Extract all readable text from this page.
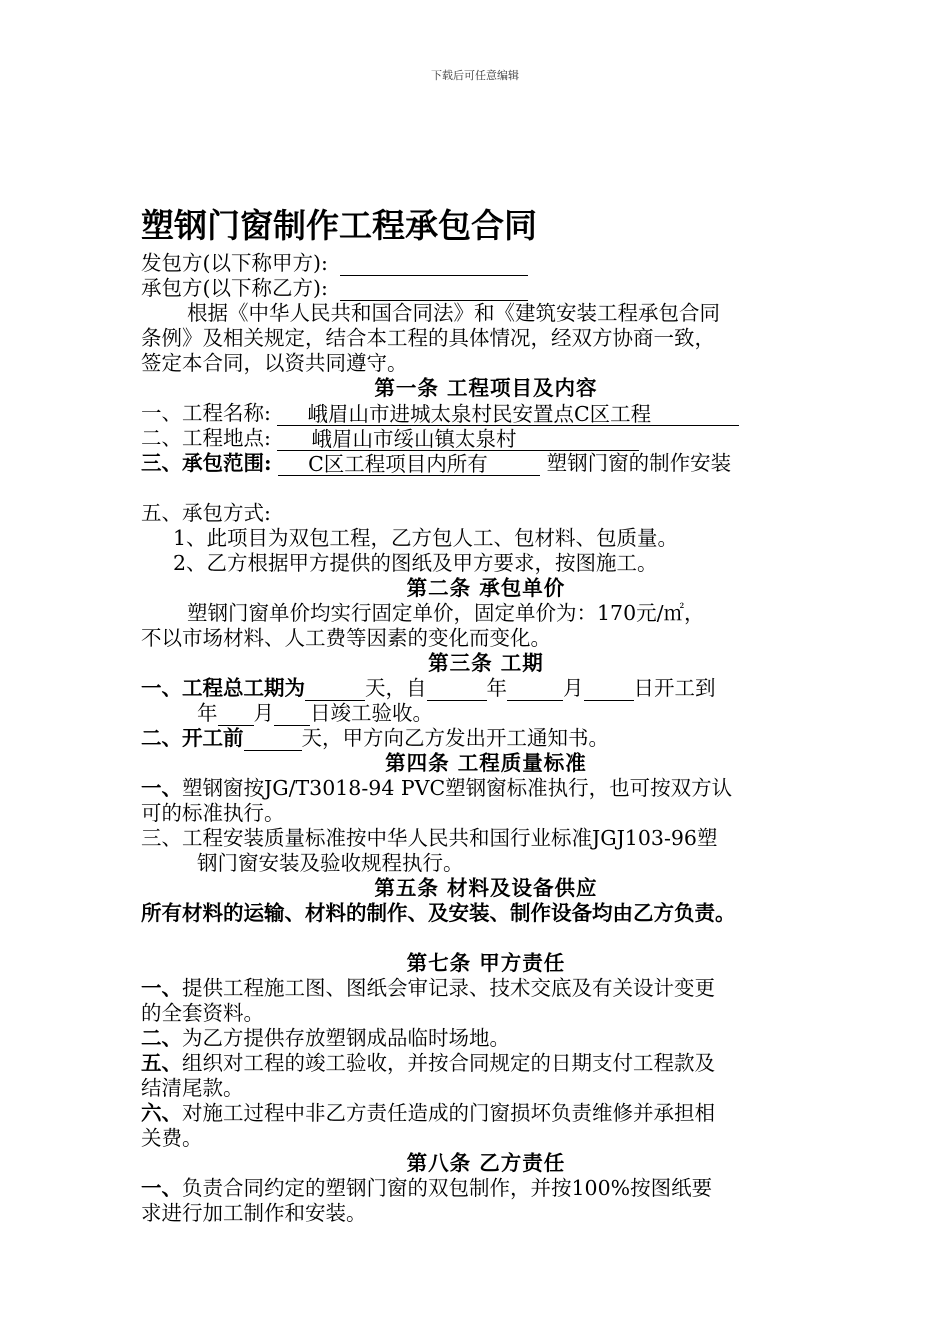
下载后可任意编辑
塑钢门窗制作工程承包合同
发包方(以下称甲方):
承包方(以下称乙方):
根据《中华人民共和国合同法》和《建筑安装工程承包合同
条例》及相关规定，结合本工程的具体情况，经双方协商一致，
签定本合同，以资共同遵守。
第一条 工程项目及内容
一、工程名称: 峨眉山市进城太泉村民安置点C区工程
二、工程地点: 峨眉山市绥山镇太泉村
三、承包范围: C区工程项目内所有	塑钢门窗的制作安装
五、承包方式:
1、此项目为双包工程，乙方包人工、包材料、包质量。
2、乙方根据甲方提供的图纸及甲方要求，按图施工。
第二条 承包单价
塑钢门窗单价均实行固定单价，固定单价为：170元/㎡，
不以市场材料、人工费等因素的变化而变化。
第三条 工期
一、工程总工期为	天，自	年	月 日开工到
年 月 日竣工验收。
二、开工前	天，甲方向乙方发出开工通知书。
第四条 工程质量标准
一、塑钢窗按JG/T3018-94 PVC塑钢窗标准执行，也可按双方认
可的标准执行。
三、工程安装质量标准按中华人民共和国行业标准JGJ103-96塑
钢门窗安装及验收规程执行。
第五条 材料及设备供应
所有材料的运输、材料的制作、及安装、制作设备均由乙方负责。
第七条 甲方责任
一、提供工程施工图、图纸会审记录、技术交底及有关设计变更
的全套资料。
二、为乙方提供存放塑钢成品临时场地。
五、组织对工程的竣工验收，并按合同规定的日期支付工程款及
结清尾款。
六、对施工过程中非乙方责任造成的门窗损坏负责维修并承担相
关费。
第八条 乙方责任
一、负责合同约定的塑钢门窗的双包制作，并按100%按图纸要
求进行加工制作和安装。
